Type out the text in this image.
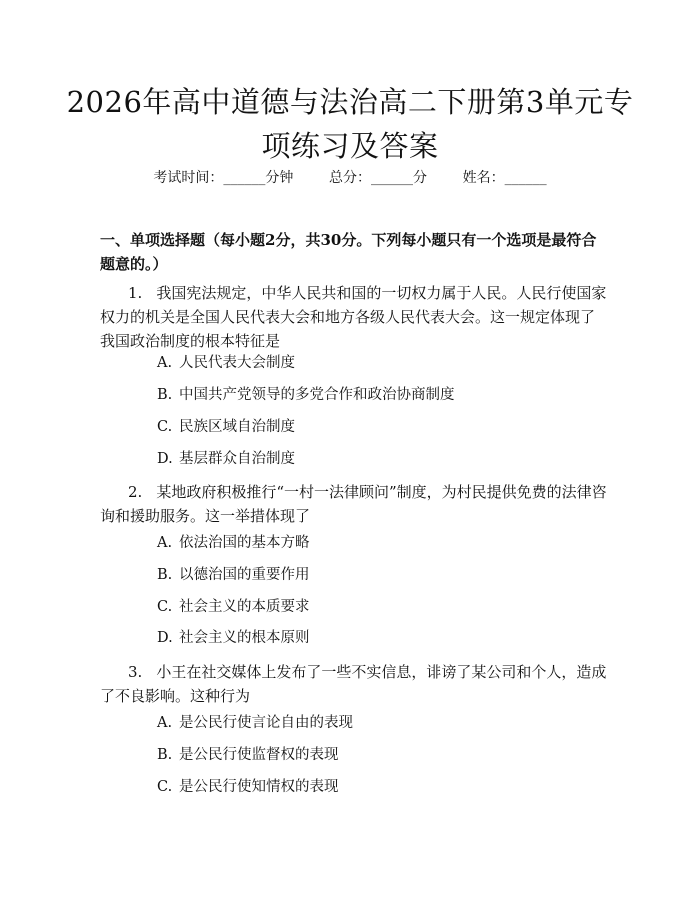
2026年高中道德与法治高二下册第3单元专项练习及答案
考试时间：______分钟	总分：______分	姓名：______
一、单项选择题（每小题2分，共30分。下列每小题只有一个选项是最符合题意的。）
1. 我国宪法规定，中华人民共和国的一切权力属于人民。人民行使国家权力的机关是全国人民代表大会和地方各级人民代表大会。这一规定体现了我国政治制度的根本特征是
A. 人民代表大会制度
B. 中国共产党领导的多党合作和政治协商制度
C. 民族区域自治制度
D. 基层群众自治制度
2. 某地政府积极推行“一村一法律顾问”制度，为村民提供免费的法律咨询和援助服务。这一举措体现了
A. 依法治国的基本方略
B. 以德治国的重要作用
C. 社会主义的本质要求
D. 社会主义的根本原则
3. 小王在社交媒体上发布了一些不实信息，诽谤了某公司和个人，造成了不良影响。这种行为
A. 是公民行使言论自由的表现
B. 是公民行使监督权的表现
C. 是公民行使知情权的表现
